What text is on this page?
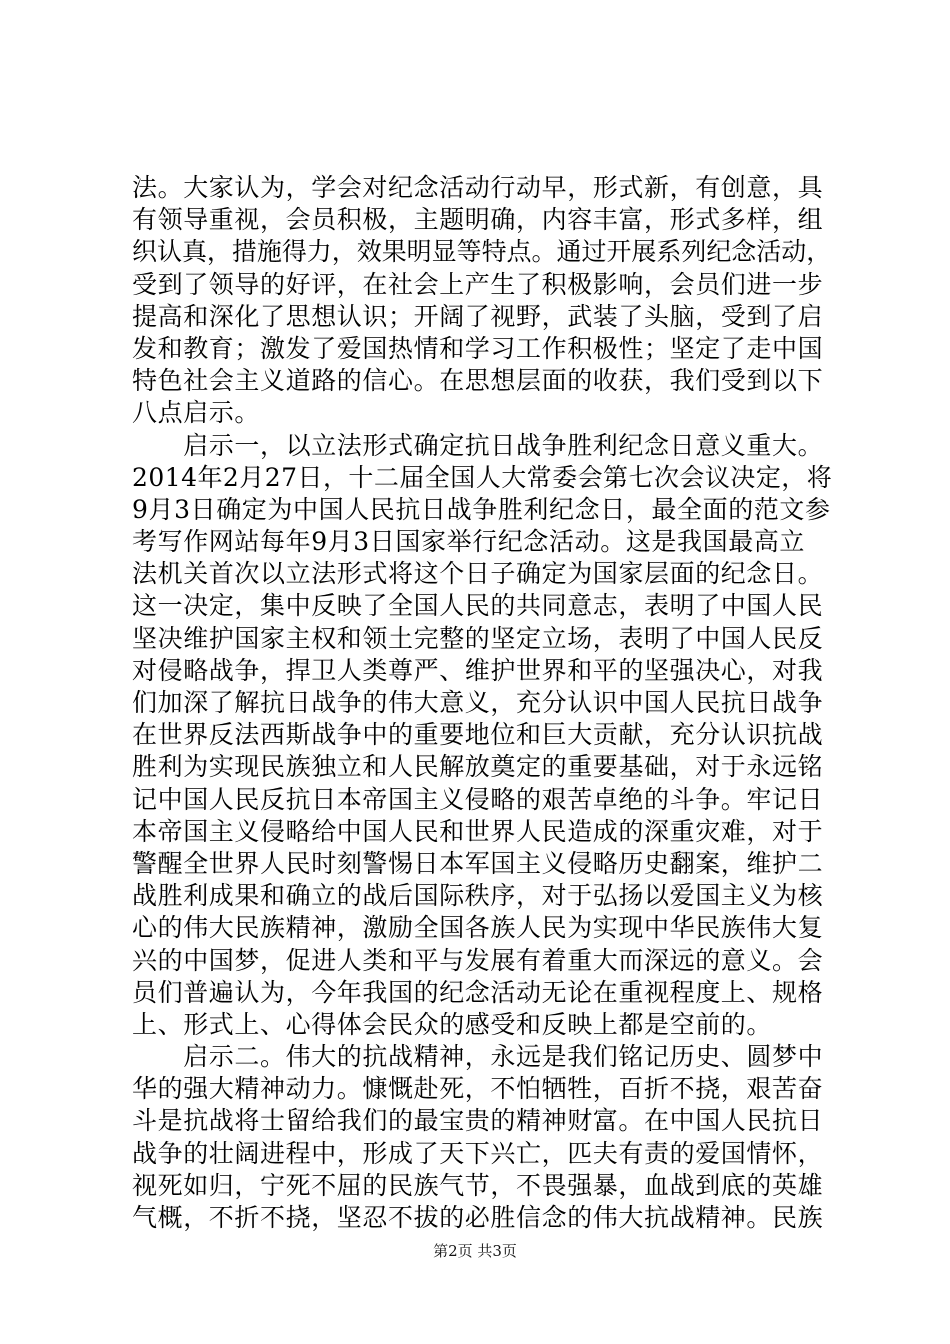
法。大家认为，学会对纪念活动行动早，形式新，有创意，具
有领导重视，会员积极，主题明确，内容丰富，形式多样，组
织认真，措施得力，效果明显等特点。通过开展系列纪念活动，
受到了领导的好评，在社会上产生了积极影响，会员们进一步
提高和深化了思想认识；开阔了视野，武装了头脑，受到了启
发和教育；激发了爱国热情和学习工作积极性；坚定了走中国
特色社会主义道路的信心。在思想层面的收获，我们受到以下
八点启示。
　　启示一，以立法形式确定抗日战争胜利纪念日意义重大。
2014年2月27日，十二届全国人大常委会第七次会议决定，将
9月3日确定为中国人民抗日战争胜利纪念日，最全面的范文参
考写作网站每年9月3日国家举行纪念活动。这是我国最高立
法机关首次以立法形式将这个日子确定为国家层面的纪念日。
这一决定，集中反映了全国人民的共同意志，表明了中国人民
坚决维护国家主权和领土完整的坚定立场，表明了中国人民反
对侵略战争，捍卫人类尊严、维护世界和平的坚强决心，对我
们加深了解抗日战争的伟大意义，充分认识中国人民抗日战争
在世界反法西斯战争中的重要地位和巨大贡献，充分认识抗战
胜利为实现民族独立和人民解放奠定的重要基础，对于永远铭
记中国人民反抗日本帝国主义侵略的艰苦卓绝的斗争。牢记日
本帝国主义侵略给中国人民和世界人民造成的深重灾难，对于
警醒全世界人民时刻警惕日本军国主义侵略历史翻案，维护二
战胜利成果和确立的战后国际秩序，对于弘扬以爱国主义为核
心的伟大民族精神，激励全国各族人民为实现中华民族伟大复
兴的中国梦，促进人类和平与发展有着重大而深远的意义。会
员们普遍认为，今年我国的纪念活动无论在重视程度上、规格
上、形式上、心得体会民众的感受和反映上都是空前的。
　　启示二。伟大的抗战精神，永远是我们铭记历史、圆梦中
华的强大精神动力。慷慨赴死，不怕牺牲，百折不挠，艰苦奋
斗是抗战将士留给我们的最宝贵的精神财富。在中国人民抗日
战争的壮阔进程中，形成了天下兴亡，匹夫有责的爱国情怀，
视死如归，宁死不屈的民族气节，不畏强暴，血战到底的英雄
气概，不折不挠，坚忍不拔的必胜信念的伟大抗战精神。民族
第2页 共3页
